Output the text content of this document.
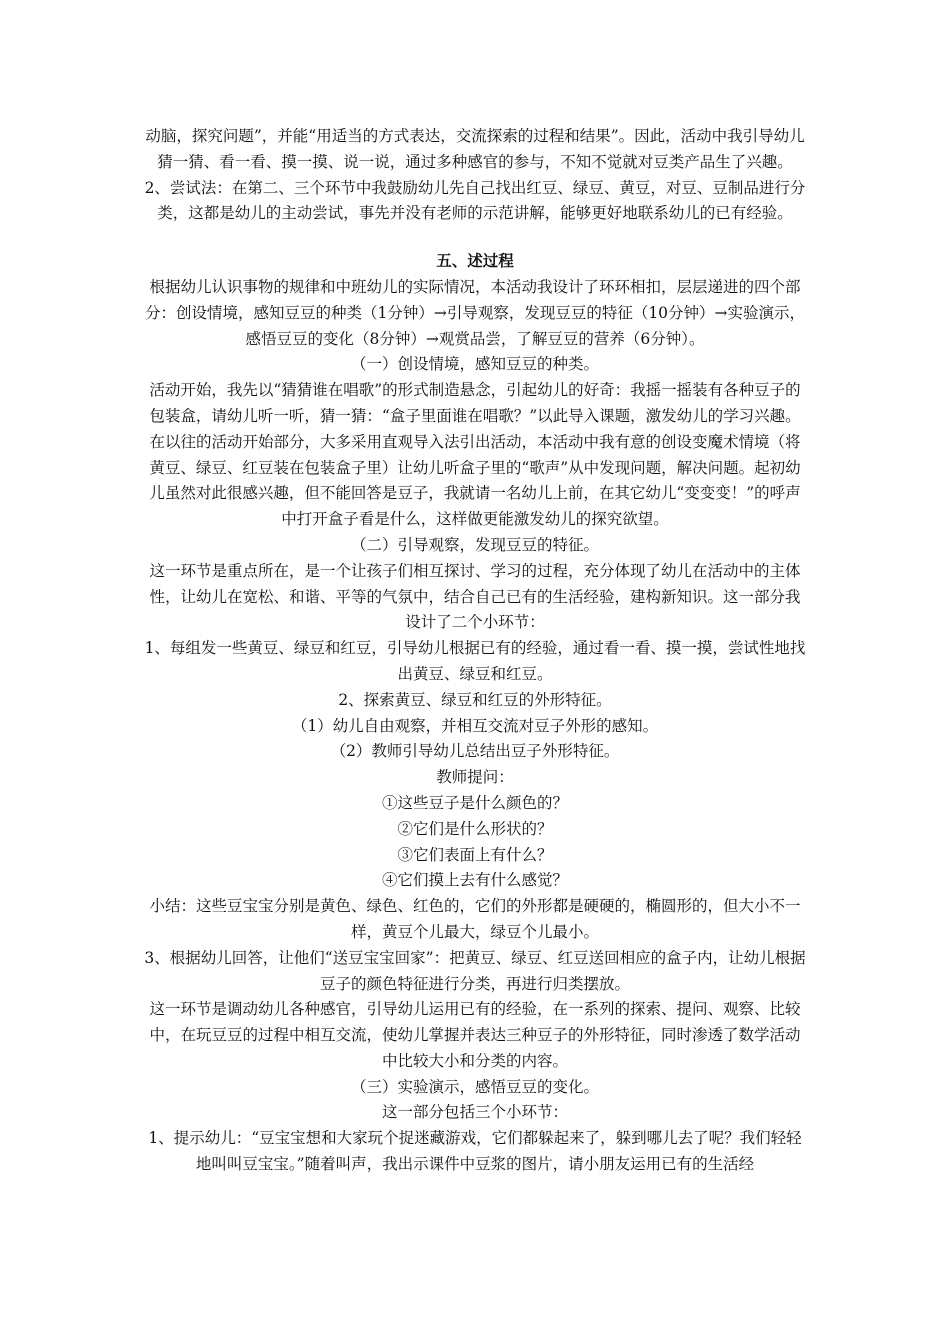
动脑，探究问题”，并能“用适当的方式表达，交流探索的过程和结果”。因此，活动中我引导幼儿猜一猜、看一看、摸一摸、说一说，通过多种感官的参与，不知不觉就对豆类产品生了兴趣。

2、尝试法：在第二、三个环节中我鼓励幼儿先自己找出红豆、绿豆、黄豆，对豆、豆制品进行分类，这都是幼儿的主动尝试，事先并没有老师的示范讲解，能够更好地联系幼儿的已有经验。

五、述过程

根据幼儿认识事物的规律和中班幼儿的实际情况，本活动我设计了环环相扣，层层递进的四个部分：创设情境，感知豆豆的种类（1分钟）→引导观察，发现豆豆的特征（10分钟）→实验演示，感悟豆豆的变化（8分钟）→观赏品尝，了解豆豆的营养（6分钟）。

（一）创设情境，感知豆豆的种类。

活动开始，我先以“猜猜谁在唱歌”的形式制造悬念，引起幼儿的好奇：我摇一摇装有各种豆子的包装盒，请幼儿听一听，猜一猜：“盒子里面谁在唱歌？”以此导入课题，激发幼儿的学习兴趣。

在以往的活动开始部分，大多采用直观导入法引出活动，本活动中我有意的创设变魔术情境（将黄豆、绿豆、红豆装在包装盒子里）让幼儿听盒子里的“歌声”从中发现问题，解决问题。起初幼儿虽然对此很感兴趣，但不能回答是豆子，我就请一名幼儿上前，在其它幼儿“变变变！”的呼声中打开盒子看是什么，这样做更能激发幼儿的探究欲望。

（二）引导观察，发现豆豆的特征。

这一环节是重点所在，是一个让孩子们相互探讨、学习的过程，充分体现了幼儿在活动中的主体性，让幼儿在宽松、和谐、平等的气氛中，结合自己已有的生活经验，建构新知识。这一部分我设计了二个小环节：

1、每组发一些黄豆、绿豆和红豆，引导幼儿根据已有的经验，通过看一看、摸一摸，尝试性地找出黄豆、绿豆和红豆。

2、探索黄豆、绿豆和红豆的外形特征。

（1）幼儿自由观察，并相互交流对豆子外形的感知。

（2）教师引导幼儿总结出豆子外形特征。

教师提问：

①这些豆子是什么颜色的？

②它们是什么形状的？

③它们表面上有什么？

④它们摸上去有什么感觉？

小结：这些豆宝宝分别是黄色、绿色、红色的，它们的外形都是硬硬的，椭圆形的，但大小不一样，黄豆个儿最大，绿豆个儿最小。

3、根据幼儿回答，让他们“送豆宝宝回家”：把黄豆、绿豆、红豆送回相应的盒子内，让幼儿根据豆子的颜色特征进行分类，再进行归类摆放。

这一环节是调动幼儿各种感官，引导幼儿运用已有的经验，在一系列的探索、提问、观察、比较中，在玩豆豆的过程中相互交流，使幼儿掌握并表达三种豆子的外形特征，同时渗透了数学活动中比较大小和分类的内容。

（三）实验演示，感悟豆豆的变化。

这一部分包括三个小环节：

1、提示幼儿：“豆宝宝想和大家玩个捉迷藏游戏，它们都躲起来了，躲到哪儿去了呢？我们轻轻地叫叫豆宝宝。”随着叫声，我出示课件中豆浆的图片，请小朋友运用已有的生活经
